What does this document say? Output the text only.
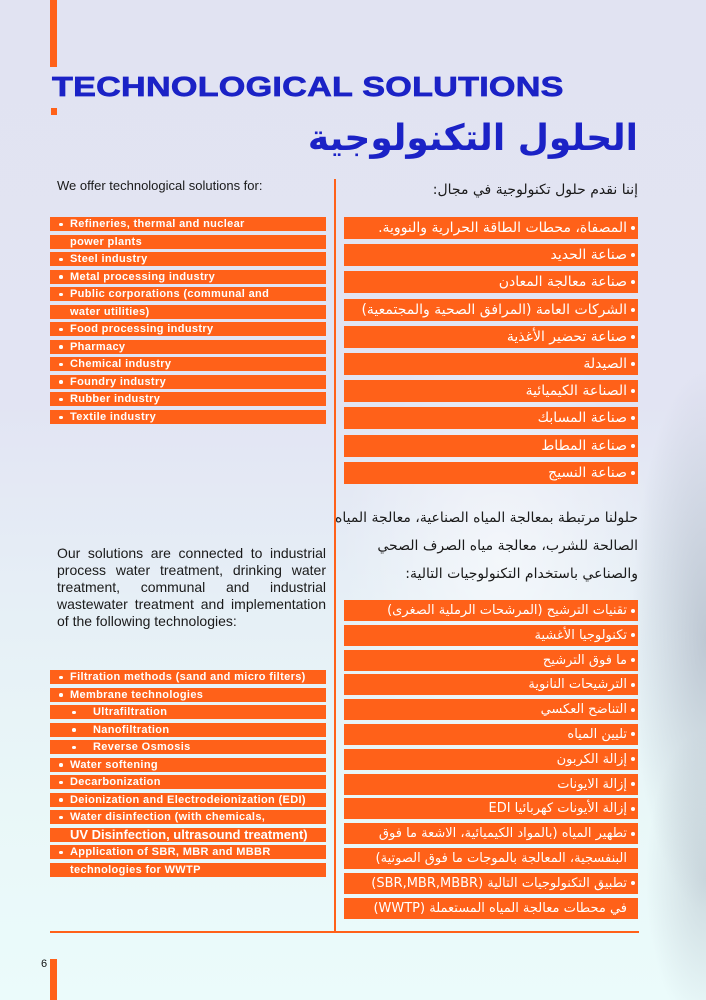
TECHNOLOGICAL SOLUTIONS
الحلول التكنولوجية
We offer technological solutions for:	:إننا نقدم حلول تكنولوجية في مجال
Refineries, thermal and nuclear
power plants
Steel industry
Metal processing industry
Public corporations (communal and
water utilities)
Food processing industry
Pharmacy
Chemical industry
Foundry industry
Rubber industry
Textile industry
المصفاة، محطات الطاقة الحرارية والنووية.
صناعة الحديد
صناعة معالجة المعادن
الشركات العامة (المرافق الصحية والمجتمعية)
صناعة تحضير الأغذية
الصيدلة
الصناعة الكيميائية
صناعة المسابك
صناعة المطاط
صناعة النسيج
Our solutions are connected to industrial
process water treatment, drinking water
treatment, communal and industrial
wastewater treatment and implementation
of the following technologies:
حلولنا مرتبطة بمعالجة المياه الصناعية، معالجة المياه
الصالحة للشرب، معالجة مياه الصرف الصحي
والصناعي باستخدام التكنولوجيات التالية:
Filtration methods (sand and micro filters)
Membrane technologies
Ultrafiltration
Nanofiltration
Reverse Osmosis
Water softening
Decarbonization
Deionization and Electrodeionization (EDI)
Water disinfection (with chemicals,
UV Disinfection, ultrasound treatment)
Application of SBR, MBR and MBBR
technologies for WWTP
تقنيات الترشيح (المرشحات الرملية الصغرى)
تكنولوجيا الأغشية
ما فوق الترشيح
الترشيحات النانوية
التناضح العكسي
تليين المياه
إزالة الكربون
إزالة الايونات
إزالة الأيونات كهربائيا EDI
تطهير المياه (بالمواد الكيميائية، الاشعة ما فوق
البنفسجية، المعالجة بالموجات ما فوق الصوتية)
تطبيق التكنولوجيات التالية (SBR,MBR,MBBR)
في محطات معالجة المياه المستعملة (WWTP)
6
